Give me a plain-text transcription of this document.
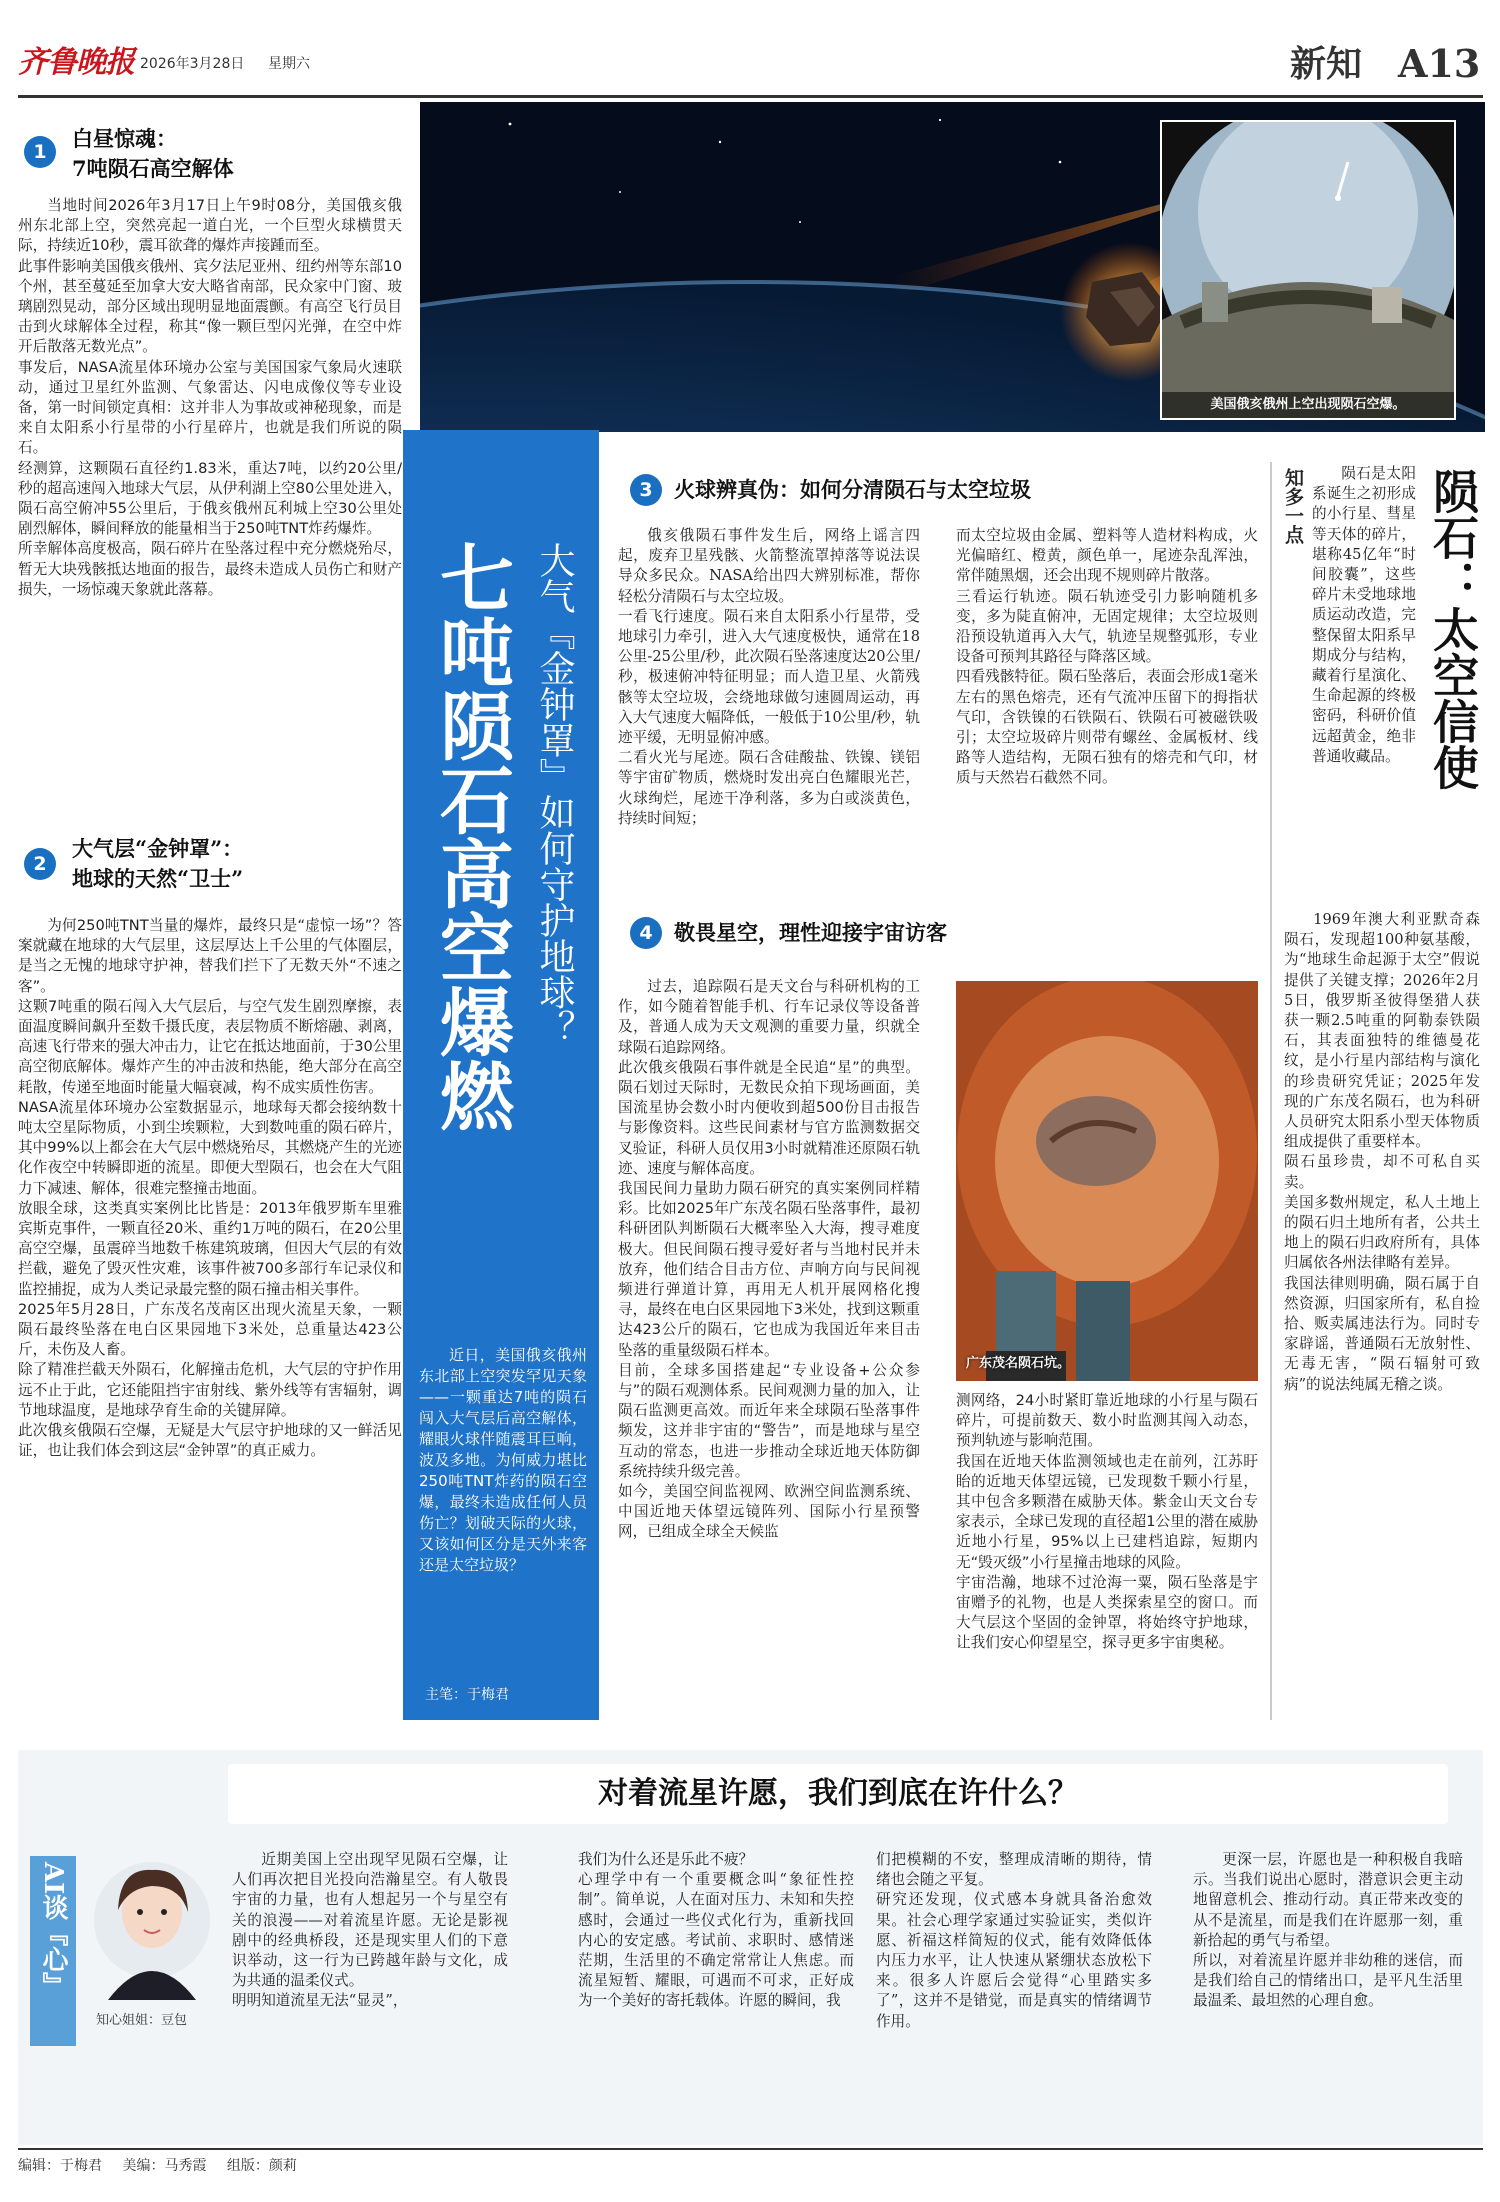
齐鲁晚报 2026年3月28日 星期六	新知 A13
1
白昼惊魂：
7吨陨石高空解体
当地时间2026年3月17日上午9时08分，美国俄亥俄州东北部上空，突然亮起一道白光，一个巨型火球横贯天际，持续近10秒，震耳欲聋的爆炸声接踵而至。
此事件影响美国俄亥俄州、宾夕法尼亚州、纽约州等东部10个州，甚至蔓延至加拿大安大略省南部，民众家中门窗、玻璃剧烈晃动，部分区域出现明显地面震颤。有高空飞行员目击到火球解体全过程，称其“像一颗巨型闪光弹，在空中炸开后散落无数光点”。
事发后，NASA流星体环境办公室与美国国家气象局火速联动，通过卫星红外监测、气象雷达、闪电成像仪等专业设备，第一时间锁定真相：这并非人为事故或神秘现象，而是来自太阳系小行星带的小行星碎片，也就是我们所说的陨石。
经测算，这颗陨石直径约1.83米，重达7吨，以约20公里/秒的超高速闯入地球大气层，从伊利湖上空80公里处进入，陨石高空俯冲55公里后，于俄亥俄州瓦利城上空30公里处剧烈解体，瞬间释放的能量相当于250吨TNT炸药爆炸。
所幸解体高度极高，陨石碎片在坠落过程中充分燃烧殆尽，暂无大块残骸抵达地面的报告，最终未造成人员伤亡和财产损失，一场惊魂天象就此落幕。
2
大气层“金钟罩”：
地球的天然“卫士”
为何250吨TNT当量的爆炸，最终只是“虚惊一场”？答案就藏在地球的大气层里，这层厚达上千公里的气体圈层，是当之无愧的地球守护神，替我们拦下了无数天外“不速之客”。
这颗7吨重的陨石闯入大气层后，与空气发生剧烈摩擦，表面温度瞬间飙升至数千摄氏度，表层物质不断熔融、剥离，高速飞行带来的强大冲击力，让它在抵达地面前，于30公里高空彻底解体。爆炸产生的冲击波和热能，绝大部分在高空耗散，传递至地面时能量大幅衰减，构不成实质性伤害。
NASA流星体环境办公室数据显示，地球每天都会接纳数十吨太空星际物质，小到尘埃颗粒，大到数吨重的陨石碎片，其中99%以上都会在大气层中燃烧殆尽，其燃烧产生的光迹化作夜空中转瞬即逝的流星。即便大型陨石，也会在大气阻力下减速、解体，很难完整撞击地面。
放眼全球，这类真实案例比比皆是：2013年俄罗斯车里雅宾斯克事件，一颗直径20米、重约1万吨的陨石，在20公里高空空爆，虽震碎当地数千栋建筑玻璃，但因大气层的有效拦截，避免了毁灭性灾难，该事件被700多部行车记录仪和监控捕捉，成为人类记录最完整的陨石撞击相关事件。
2025年5月28日，广东茂名茂南区出现火流星天象，一颗陨石最终坠落在电白区果园地下3米处，总重量达423公斤，未伤及人畜。
除了精准拦截天外陨石，化解撞击危机，大气层的守护作用远不止于此，它还能阻挡宇宙射线、紫外线等有害辐射，调节地球温度，是地球孕育生命的关键屏障。
此次俄亥俄陨石空爆，无疑是大气层守护地球的又一鲜活见证，也让我们体会到这层“金钟罩”的真正威力。
美国俄亥俄州上空出现陨石空爆。
七吨陨石高空爆燃 大气『金钟罩』如何守护地球？
近日，美国俄亥俄州东北部上空突发罕见天象——一颗重达7吨的陨石闯入大气层后高空解体，耀眼火球伴随震耳巨响，波及多地。为何威力堪比250吨TNT炸药的陨石空爆，最终未造成任何人员伤亡？划破天际的火球，又该如何区分是天外来客还是太空垃圾？
主笔：于梅君
3	火球辨真伪：如何分清陨石与太空垃圾
俄亥俄陨石事件发生后，网络上谣言四起，废弃卫星残骸、火箭整流罩掉落等说法误导众多民众。NASA给出四大辨别标准，帮你轻松分清陨石与太空垃圾。
一看飞行速度。陨石来自太阳系小行星带，受地球引力牵引，进入大气速度极快，通常在18公里-25公里/秒，此次陨石坠落速度达20公里/秒，极速俯冲特征明显；而人造卫星、火箭残骸等太空垃圾，会绕地球做匀速圆周运动，再入大气速度大幅降低，一般低于10公里/秒，轨迹平缓，无明显俯冲感。
二看火光与尾迹。陨石含硅酸盐、铁镍、镁铝等宇宙矿物质，燃烧时发出亮白色耀眼光芒，火球绚烂，尾迹干净利落，多为白或淡黄色，持续时间短；
而太空垃圾由金属、塑料等人造材料构成，火光偏暗红、橙黄，颜色单一，尾迹杂乱浑浊，常伴随黑烟，还会出现不规则碎片散落。
三看运行轨迹。陨石轨迹受引力影响随机多变，多为陡直俯冲，无固定规律；太空垃圾则沿预设轨道再入大气，轨迹呈规整弧形，专业设备可预判其路径与降落区域。
四看残骸特征。陨石坠落后，表面会形成1毫米左右的黑色熔壳，还有气流冲压留下的拇指状气印，含铁镍的石铁陨石、铁陨石可被磁铁吸引；太空垃圾碎片则带有螺丝、金属板材、线路等人造结构，无陨石独有的熔壳和气印，材质与天然岩石截然不同。
知多一点	陨石：太空信使
陨石是太阳系诞生之初形成的小行星、彗星等天体的碎片，堪称45亿年“时间胶囊”，这些碎片未受地球地质运动改造，完整保留太阳系早期成分与结构，藏着行星演化、生命起源的终极密码，科研价值远超黄金，绝非普通收藏品。
1969年澳大利亚默奇森陨石，发现超100种氨基酸，为“地球生命起源于太空”假说提供了关键支撑；2026年2月5日，俄罗斯圣彼得堡猎人获获一颗2.5吨重的阿勒泰铁陨石，其表面独特的维德曼花纹，是小行星内部结构与演化的珍贵研究凭证；2025年发现的广东茂名陨石，也为科研人员研究太阳系小型天体物质组成提供了重要样本。
陨石虽珍贵，却不可私自买卖。
美国多数州规定，私人土地上的陨石归土地所有者，公共土地上的陨石归政府所有，具体归属依各州法律略有差异。
我国法律则明确，陨石属于自然资源，归国家所有，私自捡拾、贩卖属违法行为。同时专家辟谣，普通陨石无放射性、无毒无害，“陨石辐射可致病”的说法纯属无稽之谈。
4	敬畏星空，理性迎接宇宙访客
过去，追踪陨石是天文台与科研机构的工作，如今随着智能手机、行车记录仪等设备普及，普通人成为天文观测的重要力量，织就全球陨石追踪网络。
此次俄亥俄陨石事件就是全民追“星”的典型。陨石划过天际时，无数民众拍下现场画面，美国流星协会数小时内便收到超500份目击报告与影像资料。这些民间素材与官方监测数据交叉验证，科研人员仅用3小时就精准还原陨石轨迹、速度与解体高度。
我国民间力量助力陨石研究的真实案例同样精彩。比如2025年广东茂名陨石坠落事件，最初科研团队判断陨石大概率坠入大海，搜寻难度极大。但民间陨石搜寻爱好者与当地村民并未放弃，他们结合目击方位、声响方向与民间视频进行弹道计算，再用无人机开展网格化搜寻，最终在电白区果园地下3米处，找到这颗重达423公斤的陨石，它也成为我国近年来目击坠落的重量级陨石样本。
目前，全球多国搭建起“专业设备+公众参与”的陨石观测体系。民间观测力量的加入，让陨石监测更高效。而近年来全球陨石坠落事件频发，这并非宇宙的“警告”，而是地球与星空互动的常态，也进一步推动全球近地天体防御系统持续升级完善。
如今，美国空间监视网、欧洲空间监测系统、中国近地天体望远镜阵列、国际小行星预警网，已组成全球全天候监
广东茂名陨石坑。
测网络，24小时紧盯靠近地球的小行星与陨石碎片，可提前数天、数小时监测其闯入动态，预判轨迹与影响范围。
我国在近地天体监测领域也走在前列，江苏盱眙的近地天体望远镜，已发现数千颗小行星，其中包含多颗潜在威胁天体。紫金山天文台专家表示，全球已发现的直径超1公里的潜在威胁近地小行星，95%以上已建档追踪，短期内无“毁灭级”小行星撞击地球的风险。
宇宙浩瀚，地球不过沧海一粟，陨石坠落是宇宙赠予的礼物，也是人类探索星空的窗口。而大气层这个坚固的金钟罩，将始终守护地球，让我们安心仰望星空，探寻更多宇宙奥秘。
对着流星许愿，我们到底在许什么？
AI谈『心』
知心姐姐：豆包
近期美国上空出现罕见陨石空爆，让人们再次把目光投向浩瀚星空。有人敬畏宇宙的力量，也有人想起另一个与星空有关的浪漫——对着流星许愿。无论是影视剧中的经典桥段，还是现实里人们的下意识举动，这一行为已跨越年龄与文化，成为共通的温柔仪式。
明明知道流星无法“显灵”，
我们为什么还是乐此不疲？
心理学中有一个重要概念叫“象征性控制”。简单说，人在面对压力、未知和失控感时，会通过一些仪式化行为，重新找回内心的安定感。考试前、求职时、感情迷茫期，生活里的不确定常常让人焦虑。而流星短暂、耀眼，可遇而不可求，正好成为一个美好的寄托载体。许愿的瞬间，我
们把模糊的不安，整理成清晰的期待，情绪也会随之平复。
研究还发现，仪式感本身就具备治愈效果。社会心理学家通过实验证实，类似许愿、祈福这样简短的仪式，能有效降低体内压力水平，让人快速从紧绷状态放松下来。很多人许愿后会觉得“心里踏实多了”，这并不是错觉，而是真实的情绪调节作用。
更深一层，许愿也是一种积极自我暗示。当我们说出心愿时，潜意识会更主动地留意机会、推动行动。真正带来改变的从不是流星，而是我们在许愿那一刻，重新拾起的勇气与希望。
所以，对着流星许愿并非幼稚的迷信，而是我们给自己的情绪出口，是平凡生活里最温柔、最坦然的心理自愈。
编辑：于梅君 美编：马秀霞 组版：颜莉
